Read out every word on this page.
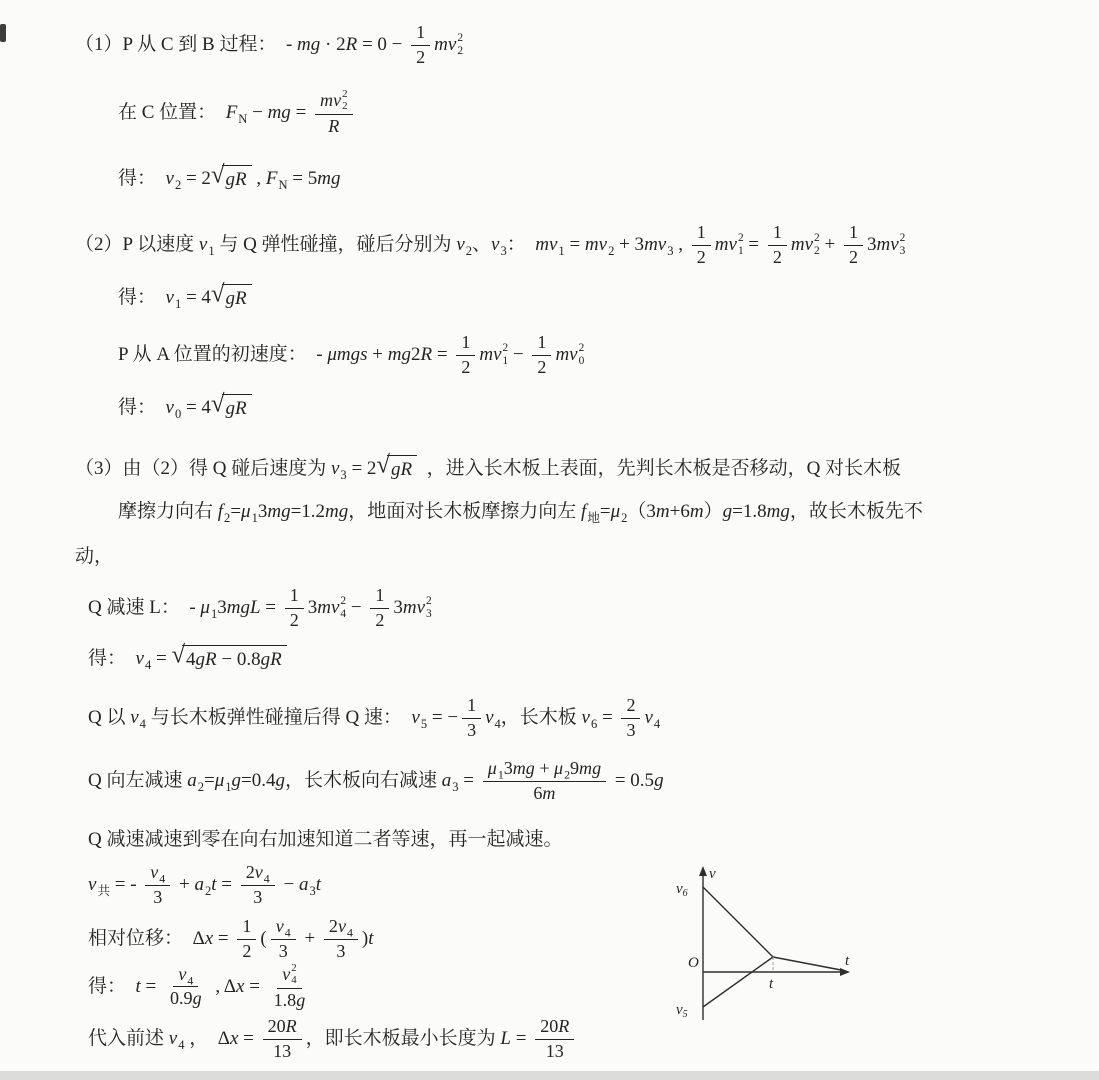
（1）P 从 C 到 B 过程： - mg · 2 $R = 0 - \frac{1}{2}$ m v 2
2
在 C 位置： F N − mg = m v 2
2
R
得： v 2 = 2 √ gR , F N = 5 mg
（2）P 以速度 v 1 与 Q 弹性碰撞，碰后分别为 v 2 、 v 3 ： m v 1 = m v 2 + 3 m v 3 , $\frac{1}{2}$ m v 2
$1 = \frac{1}{2}$ m v 2
$2 + \frac{1}{2} 3$ m v 2
3
得： v 1 = 4 √ gR
P 从 A 位置的初速度： - μmgs + mg 2 $R = \frac{1}{2}$ m v 2
$1 - \frac{1}{2}$ m v 2
0
得： v 0 = 4 √ gR
（3）由（2）得 Q 碰后速度为 v 3 = 2 √ gR ，进入长木板上表面，先判长木板是否移动，Q 对长木板
摩擦力向右 f 2 = μ 1 3 mg =1.2 mg ，地面对长木板摩擦力向左 f 地 = μ 2 （3 m +6 m ） g =1.8 mg ，故长木板先不
动，
Q 减速 L： - μ 1 3 mgL = $\frac{1}{2} 3$ m v 2
$4 - \frac{1}{2} 3$ m v 2
3
得： v 4 = √ 4 gR − 0.8 gR
Q 以 v 4 与长木板弹性碰撞后得 Q 速： v 5 = − $\frac{1}{3}$ v 4 ，长木板 v $6 = \frac{2}{3}$ v 4
Q 向左减速 a 2 = μ 1 g =0.4 g ，长木板向右减速 a $3 = \frac{\mu 1 3 mg + \mu 2 9 mg}{6 m} = 0.5$ g
Q 减速减速到零在向右加速知道二者等速，再一起减速。
v 共 = - $\frac{v 4}{3} + a$ 2 $t = \frac{2 v 4}{3} - a$ 3 t
相对位移： Δ $x = \frac{1}{2}$ ( $\frac{v 4}{3} + \frac{2 v 4}{3}$ ) t
得： $t = \frac{v 4}{0.9 g}$ , Δ x = v 2
4
1.8 g
代入前述 v 4 ， Δ $x = \frac{20 R}{13}$ ，即长木板最小长度为 $L = \frac{20 R}{13}$
v
t
O
$v_6$
$v_5$
t
